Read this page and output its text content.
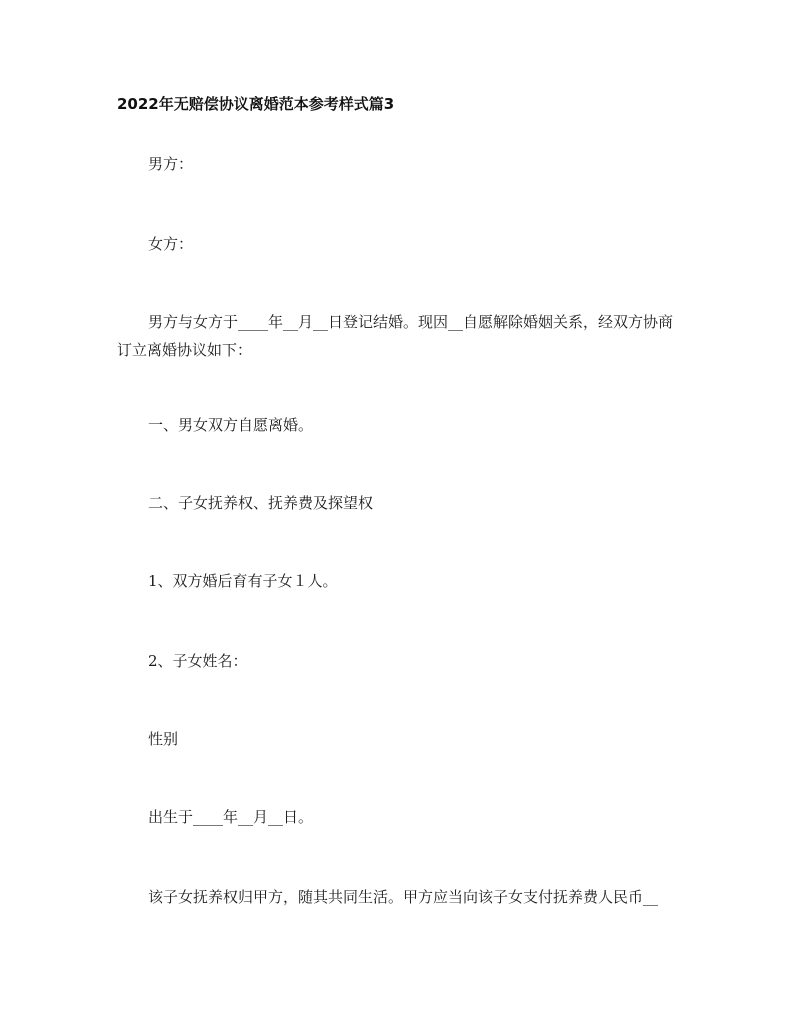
2022年无赔偿协议离婚范本参考样式篇3

男方：

女方：

男方与女方于____年__月__日登记结婚。现因__自愿解除婚姻关系，经双方协商订立离婚协议如下：

一、男女双方自愿离婚。

二、子女抚养权、抚养费及探望权

1、双方婚后育有子女１人。

2、子女姓名：

性别

出生于____年__月__日。

该子女抚养权归甲方，随其共同生活。甲方应当向该子女支付抚养费人民币__
